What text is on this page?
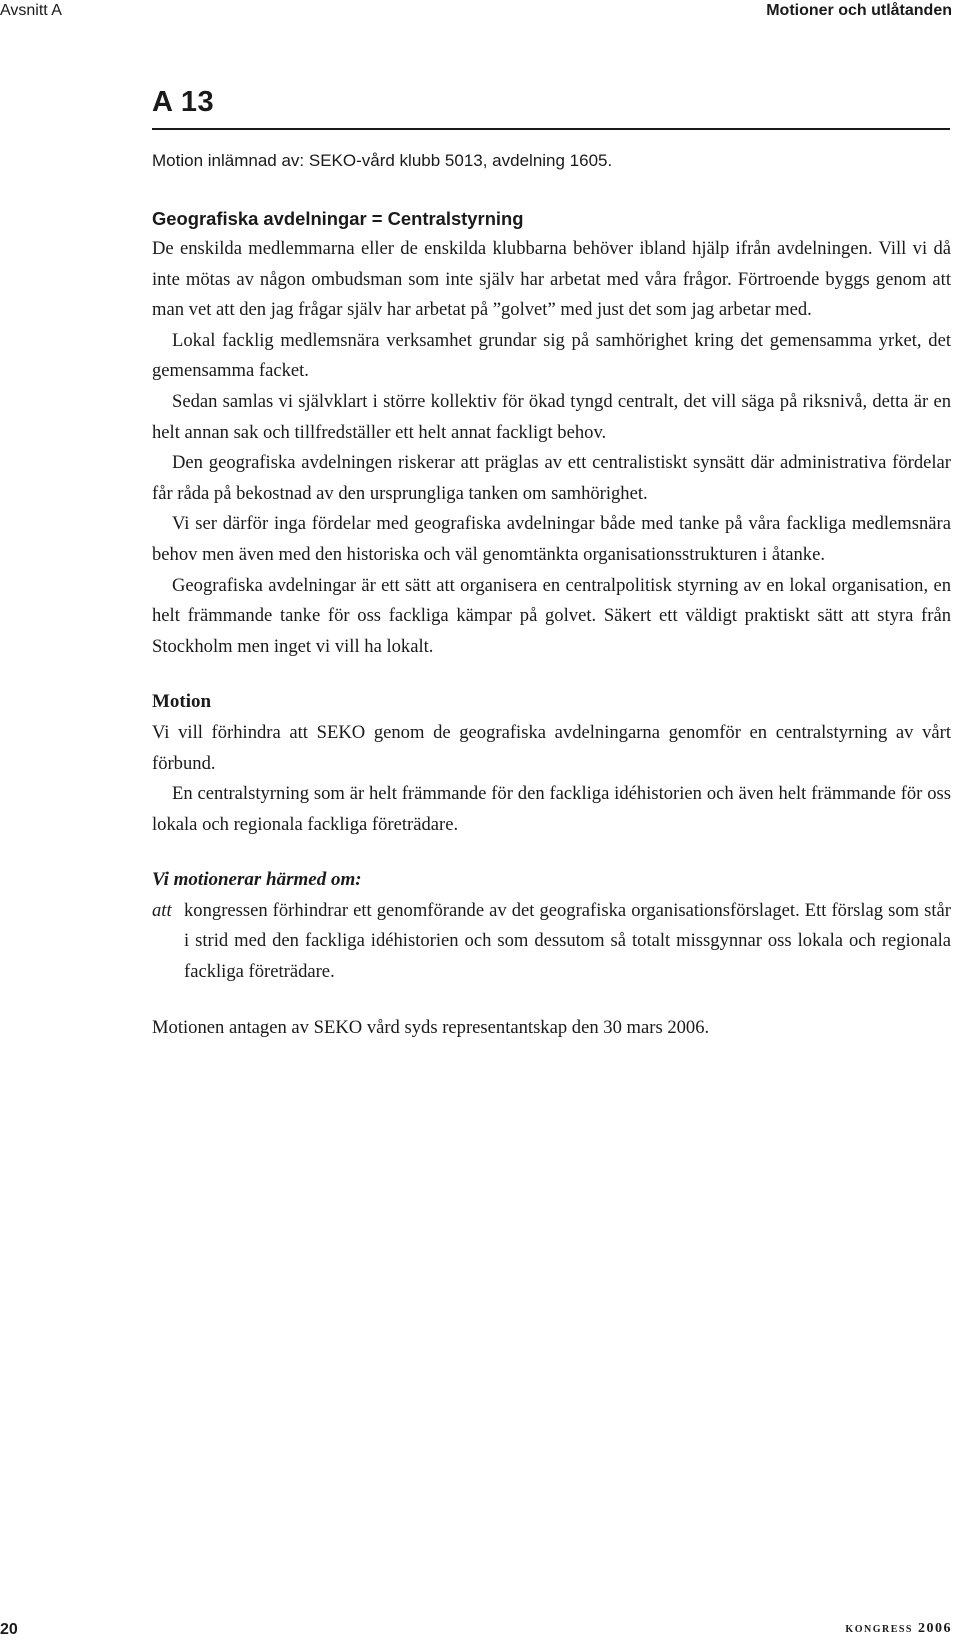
Avsnitt A	Motioner och utlåtanden
A 13

Motion inlämnad av: SEKO-vård klubb 5013, avdelning 1605.

Geografiska avdelningar = Centralstyrning

De enskilda medlemmarna eller de enskilda klubbarna behöver ibland hjälp ifrån avdelningen. Vill vi då inte mötas av någon ombudsman som inte själv har arbetat med våra frågor. Förtroende byggs genom att man vet att den jag frågar själv har arbetat på ”golvet” med just det som jag arbetar med.

Lokal facklig medlemsnära verksamhet grundar sig på samhörighet kring det gemensamma yrket, det gemensamma facket.

Sedan samlas vi självklart i större kollektiv för ökad tyngd centralt, det vill säga på riksnivå, detta är en helt annan sak och tillfredställer ett helt annat fackligt behov.

Den geografiska avdelningen riskerar att präglas av ett centralistiskt synsätt där administrativa fördelar får råda på bekostnad av den ursprungliga tanken om samhörighet.

Vi ser därför inga fördelar med geografiska avdelningar både med tanke på våra fackliga medlemsnära behov men även med den historiska och väl genomtänkta organisationsstrukturen i åtanke.

Geografiska avdelningar är ett sätt att organisera en centralpolitisk styrning av en lokal organisation, en helt främmande tanke för oss fackliga kämpar på golvet. Säkert ett väldigt praktiskt sätt att styra från Stockholm men inget vi vill ha lokalt.

Motion

Vi vill förhindra att SEKO genom de geografiska avdelningarna genomför en centralstyrning av vårt förbund.

En centralstyrning som är helt främmande för den fackliga idéhistorien och även helt främmande för oss lokala och regionala fackliga företrädare.

Vi motionerar härmed om:
att kongressen förhindrar ett genomförande av det geografiska organisationsförslaget. Ett förslag som står i strid med den fackliga idéhistorien och som dessutom så totalt missgynnar oss lokala och regionala fackliga företrädare.

Motionen antagen av SEKO vård syds representantskap den 30 mars 2006.

20	kongress 2006
